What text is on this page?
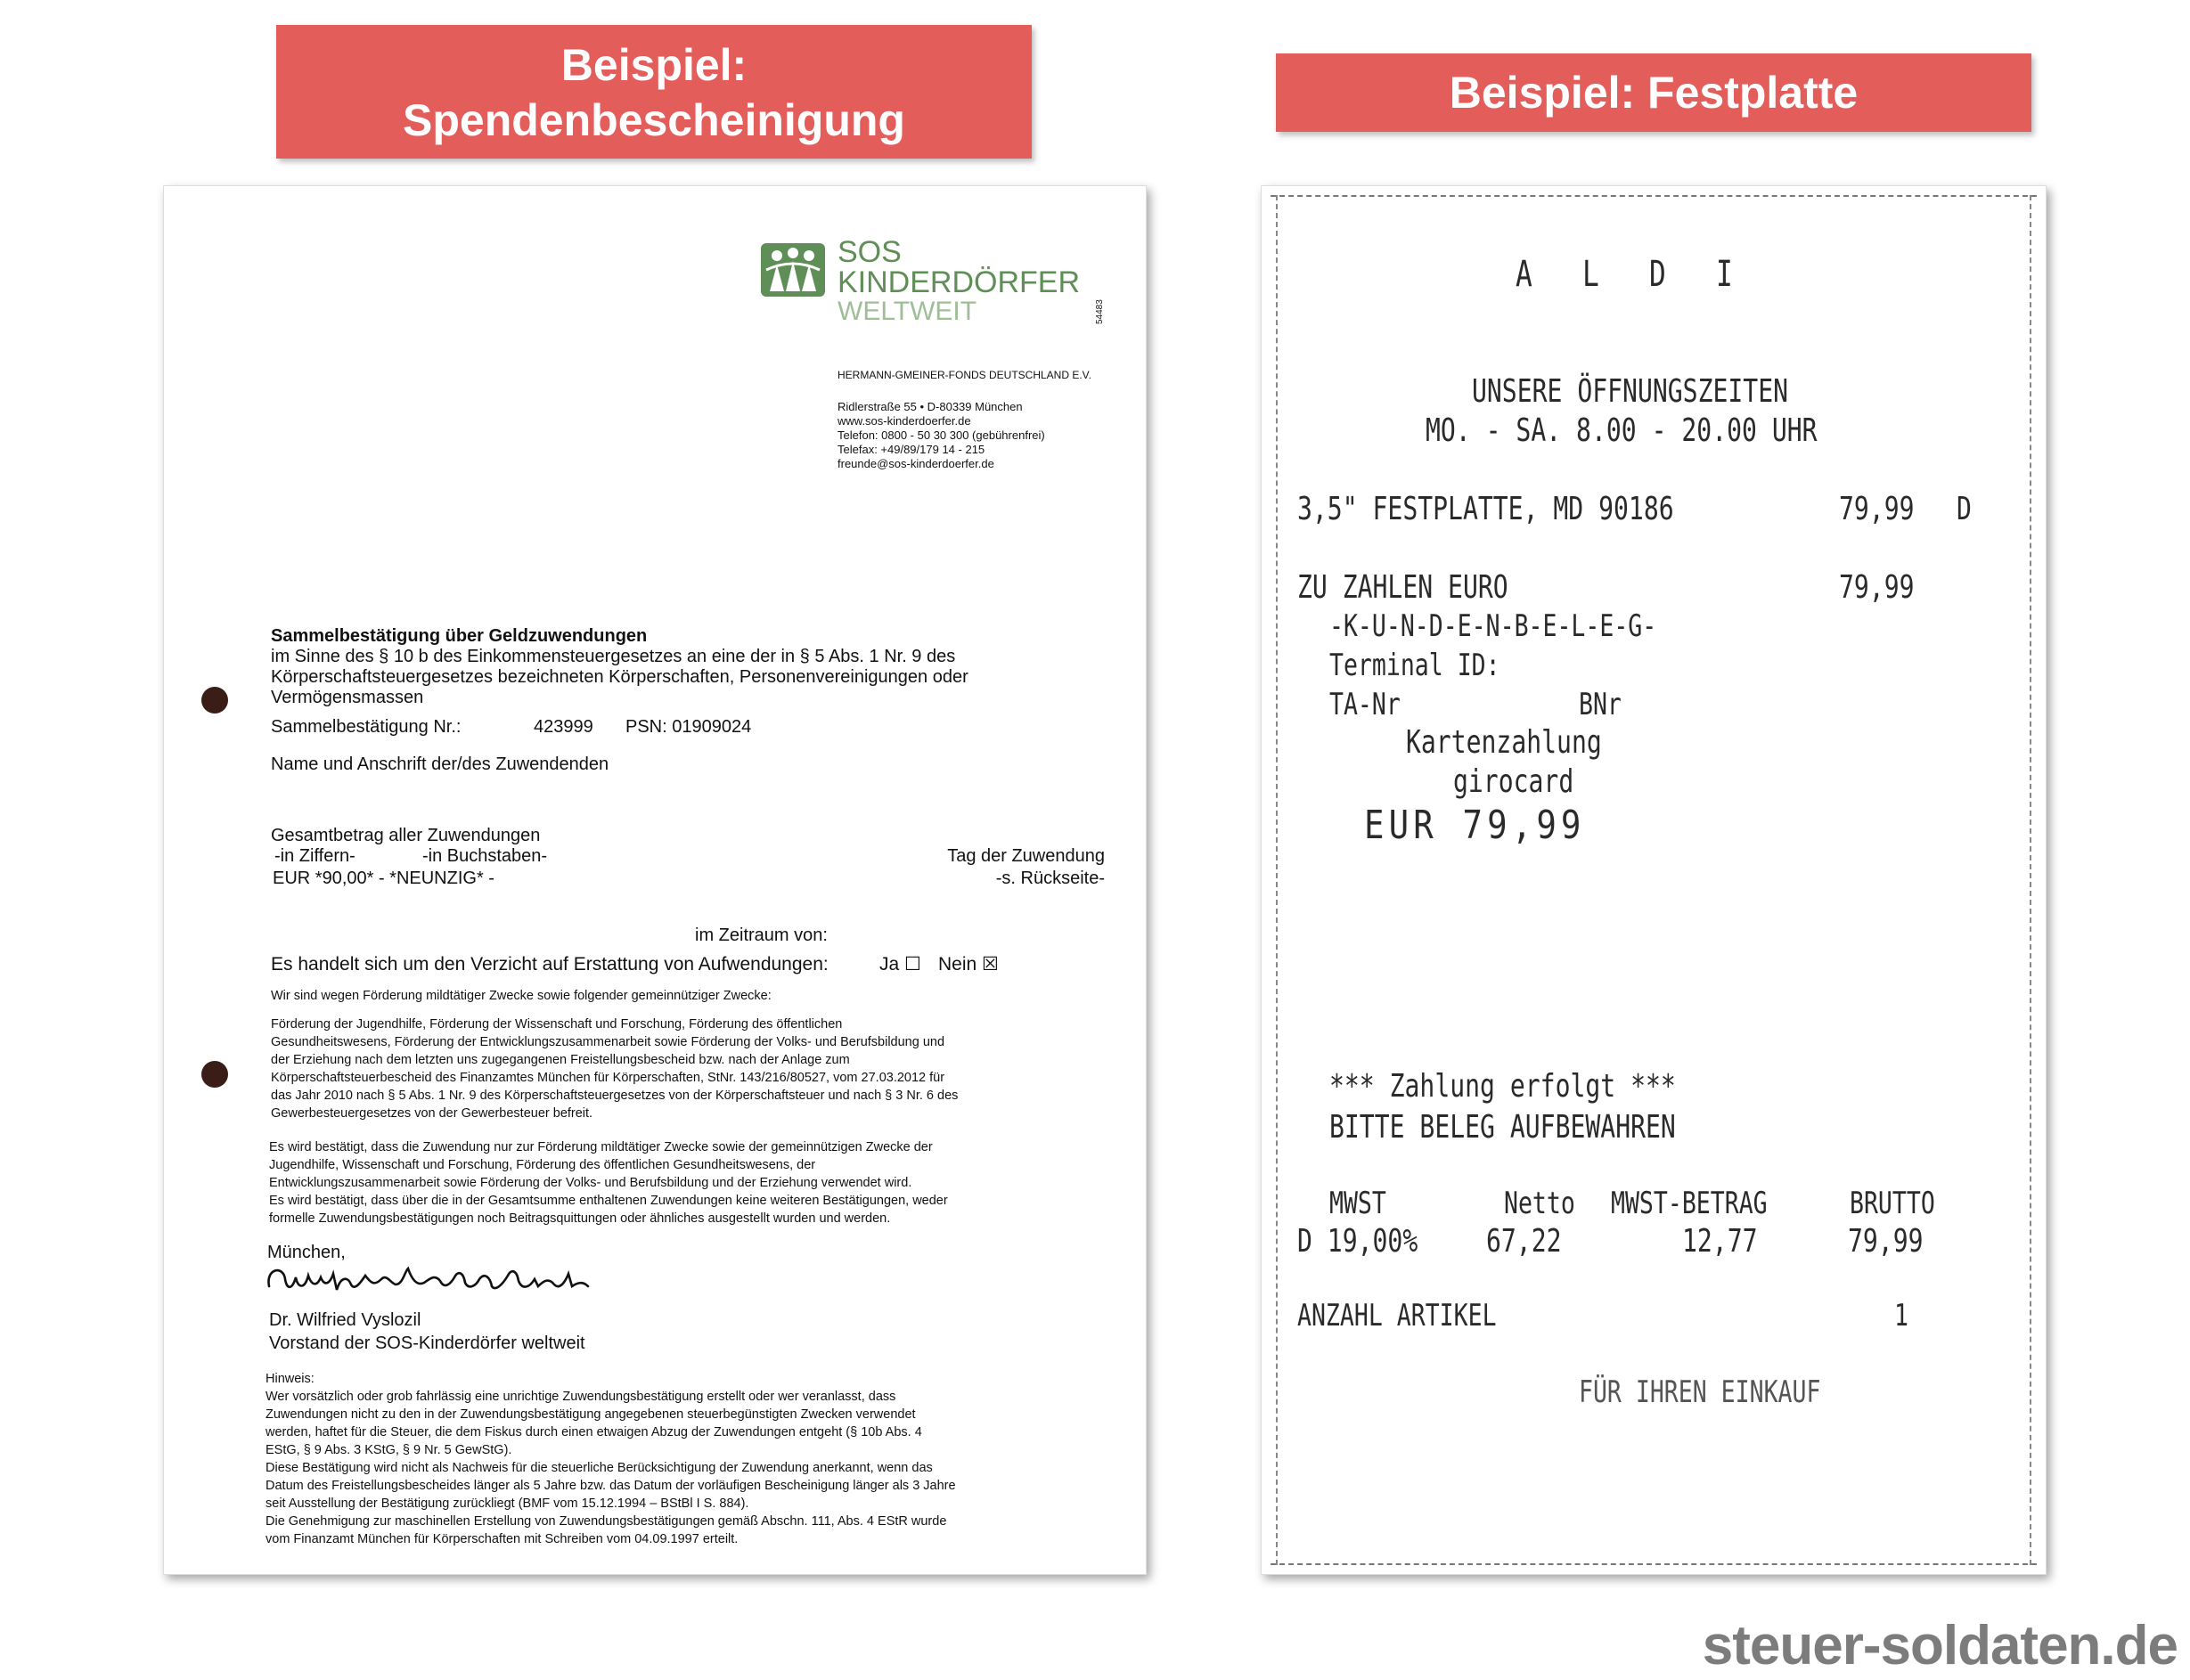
Beispiel:
Spendenbescheinigung
Beispiel: Festplatte
SOS
KINDERDÖRFER
WELTWEIT	54483
HERMANN-GMEINER-FONDS DEUTSCHLAND E.V.
Ridlerstraße 55 • D-80339 München
www.sos-kinderdoerfer.de
Telefon: 0800 - 50 30 300 (gebührenfrei)
Telefax: +49/89/179 14 - 215
freunde@sos-kinderdoerfer.de
Sammelbestätigung über Geldzuwendungen
im Sinne des § 10 b des Einkommensteuergesetzes an eine der in § 5 Abs. 1 Nr. 9 des
Körperschaftsteuergesetzes bezeichneten Körperschaften, Personenvereinigungen oder
Vermögensmassen
Sammelbestätigung Nr.:	423999 PSN: 01909024
Name und Anschrift der/des Zuwendenden
Gesamtbetrag aller Zuwendungen
-in Ziffern-	-in Buchstaben-
EUR *90,00* - *NEUNZIG* -
Tag der Zuwendung
-s. Rückseite-
im Zeitraum von:
Es handelt sich um den Verzicht auf Erstattung von Aufwendungen:	Ja ☐ Nein ☒
Wir sind wegen Förderung mildtätiger Zwecke sowie folgender gemeinnütziger Zwecke:
Förderung der Jugendhilfe, Förderung der Wissenschaft und Forschung, Förderung des öffentlichen
Gesundheitswesens, Förderung der Entwicklungszusammenarbeit sowie Förderung der Volks- und Berufsbildung und
der Erziehung nach dem letzten uns zugegangenen Freistellungsbescheid bzw. nach der Anlage zum
Körperschaftsteuerbescheid des Finanzamtes München für Körperschaften, StNr. 143/216/80527, vom 27.03.2012 für
das Jahr 2010 nach § 5 Abs. 1 Nr. 9 des Körperschaftsteuergesetzes von der Körperschaftsteuer und nach § 3 Nr. 6 des
Gewerbesteuergesetzes von der Gewerbesteuer befreit.
Es wird bestätigt, dass die Zuwendung nur zur Förderung mildtätiger Zwecke sowie der gemeinnützigen Zwecke der
Jugendhilfe, Wissenschaft und Forschung, Förderung des öffentlichen Gesundheitswesens, der
Entwicklungszusammenarbeit sowie Förderung der Volks- und Berufsbildung und der Erziehung verwendet wird.
Es wird bestätigt, dass über die in der Gesamtsumme enthaltenen Zuwendungen keine weiteren Bestätigungen, weder
formelle Zuwendungsbestätigungen noch Beitragsquittungen oder ähnliches ausgestellt wurden und werden.
München,
Dr. Wilfried Vyslozil
Vorstand der SOS-Kinderdörfer weltweit
Hinweis:
Wer vorsätzlich oder grob fahrlässig eine unrichtige Zuwendungsbestätigung erstellt oder wer veranlasst, dass
Zuwendungen nicht zu den in der Zuwendungsbestätigung angegebenen steuerbegünstigten Zwecken verwendet
werden, haftet für die Steuer, die dem Fiskus durch einen etwaigen Abzug der Zuwendungen entgeht (§ 10b Abs. 4
EStG, § 9 Abs. 3 KStG, § 9 Nr. 5 GewStG).
Diese Bestätigung wird nicht als Nachweis für die steuerliche Berücksichtigung der Zuwendung anerkannt, wenn das
Datum des Freistellungsbescheides länger als 5 Jahre bzw. das Datum der vorläufigen Bescheinigung länger als 3 Jahre
seit Ausstellung der Bestätigung zurückliegt (BMF vom 15.12.1994 – BStBl I S. 884).
Die Genehmigung zur maschinellen Erstellung von Zuwendungsbestätigungen gemäß Abschn. 111, Abs. 4 EStR wurde
vom Finanzamt München für Körperschaften mit Schreiben vom 04.09.1997 erteilt.
A L D I
UNSERE ÖFFNUNGSZEITEN
MO. - SA. 8.00 - 20.00 UHR
3,5" FESTPLATTE, MD 90186	79,99 D
ZU ZAHLEN EURO	79,99
-K-U-N-D-E-N-B-E-L-E-G-
Terminal ID:
TA-Nr	BNr
Kartenzahlung
girocard
EUR 79,99
*** Zahlung erfolgt ***
BITTE BELEG AUFBEWAHREN
MWST	Netto MWST-BETRAG	BRUTTO
D 19,00% 67,22	12,77	79,99
ANZAHL ARTIKEL	1
FÜR IHREN EINKAUF
steuer-soldaten.de
